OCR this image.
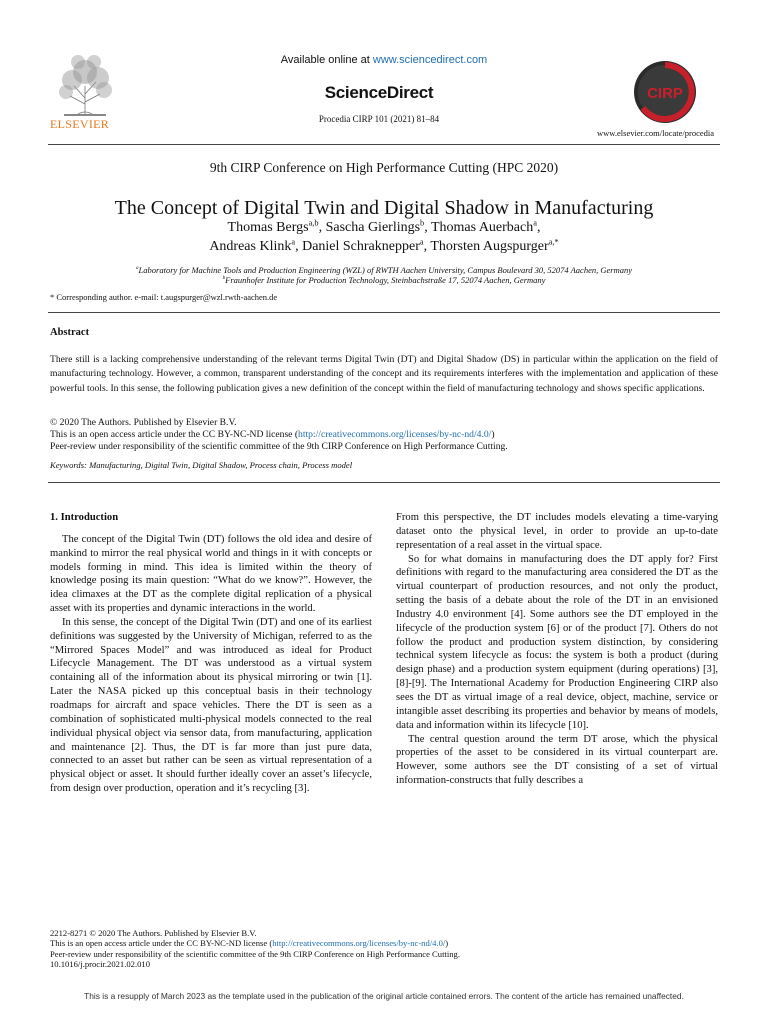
ELSEVIER
Available online at www.sciencedirect.com
ScienceDirect
Procedia CIRP 101 (2021) 81–84
CIRP
www.elsevier.com/locate/procedia
9th CIRP Conference on High Performance Cutting (HPC 2020)
The Concept of Digital Twin and Digital Shadow in Manufacturing
Thomas Bergs$^{a,b}$, Sascha Gierlings$^b$, Thomas Auerbach$^a$,
Andreas Klink$^a$, Daniel Schraknepper$^a$, Thorsten Augspurger$^{a,*}$
$^a$Laboratory for Machine Tools and Production Engineering (WZL) of RWTH Aachen University, Campus Boulevard 30, 52074 Aachen, Germany
$^b$Fraunhofer Institute for Production Technology, Steinbachstraße 17, 52074 Aachen, Germany
* Corresponding author. e-mail: t.augspurger@wzl.rwth-aachen.de
Abstract
There still is a lacking comprehensive understanding of the relevant terms Digital Twin (DT) and Digital Shadow (DS) in particular within the application on the field of manufacturing technology. However, a common, transparent understanding of the concept and its requirements interferes with the implementation and application of these powerful tools. In this sense, the following publication gives a new definition of the concept within the field of manufacturing technology and shows specific applications.
© 2020 The Authors. Published by Elsevier B.V.
This is an open access article under the CC BY-NC-ND license (http://creativecommons.org/licenses/by-nc-nd/4.0/)
Peer-review under responsibility of the scientific committee of the 9th CIRP Conference on High Performance Cutting.
Keywords: Manufacturing, Digital Twin, Digital Shadow, Process chain, Process model
1. Introduction

The concept of the Digital Twin (DT) follows the old idea and desire of mankind to mirror the real physical world and things in it with concepts or models forming in mind. This idea is limited within the theory of knowledge posing its main question: “What do we know?”. However, the idea climaxes at the DT as the complete digital replication of a physical asset with its properties and dynamic interactions in the world.

In this sense, the concept of the Digital Twin (DT) and one of its earliest definitions was suggested by the University of Michigan, referred to as the “Mirrored Spaces Model” and was introduced as ideal for Product Lifecycle Management. The DT was understood as a virtual system containing all of the information about its physical mirroring or twin [1]. Later the NASA picked up this conceptual basis in their technology roadmaps for aircraft and space vehicles. There the DT is seen as a combination of sophisticated multi-physical models connected to the real individual physical object via sensor data, from manufacturing, application and maintenance [2]. Thus, the DT is far more than just pure data, connected to an asset but rather can be seen as virtual representation of a physical object or asset. It should further ideally cover an asset’s lifecycle, from design over production, operation and it’s recycling [3].

From this perspective, the DT includes models elevating a time-varying dataset onto the physical level, in order to provide an up-to-date representation of a real asset in the virtual space.

So for what domains in manufacturing does the DT apply for? First definitions with regard to the manufacturing area considered the DT as the virtual counterpart of production resources, and not only the product, setting the basis of a debate about the role of the DT in an envisioned Industry 4.0 environment [4]. Some authors see the DT employed in the lifecycle of the production system [6] or of the product [7]. Others do not follow the product and production system distinction, by considering technical system lifecycle as focus: the system is both a product (during design phase) and a production system equipment (during operations) [3], [8]-[9]. The International Academy for Production Engineering CIRP also sees the DT as virtual image of a real device, object, machine, service or intangible asset describing its properties and behavior by means of models, data and information within its lifecycle [10].

The central question around the term DT arose, which the physical properties of the asset to be considered in its virtual counterpart are. However, some authors see the DT consisting of a set of virtual information-constructs that fully describes a

2212-8271 © 2020 The Authors. Published by Elsevier B.V.
This is an open access article under the CC BY-NC-ND license (http://creativecommons.org/licenses/by-nc-nd/4.0/)
Peer-review under responsibility of the scientific committee of the 9th CIRP Conference on High Performance Cutting.
10.1016/j.procir.2021.02.010
This is a resupply of March 2023 as the template used in the publication of the original article contained errors. The content of the article has remained unaffected.
